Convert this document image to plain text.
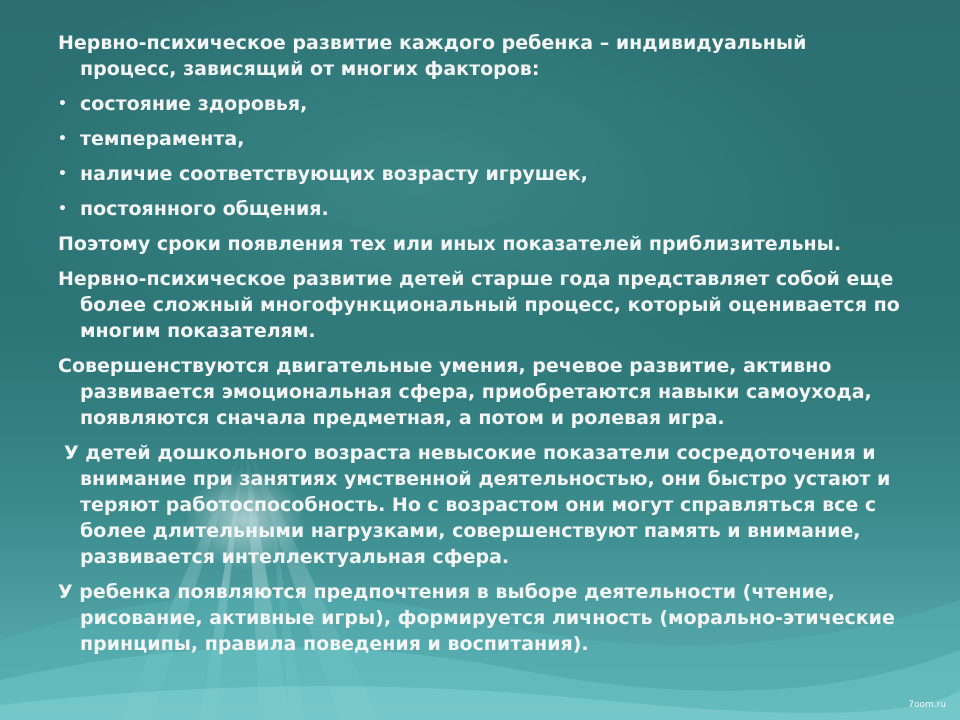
Нервно-психическое развитие каждого ребенка – индивидуальный процесс, зависящий от многих факторов:

• состояние здоровья,
• темперамента,
• наличие соответствующих возрасту игрушек,
• постоянного общения.

Поэтому сроки появления тех или иных показателей приблизительны.

Нервно-психическое развитие детей старше года представляет собой еще более сложный многофункциональный процесс, который оценивается по многим показателям.

Совершенствуются двигательные умения, речевое развитие, активно развивается эмоциональная сфера, приобретаются навыки самоухода, появляются сначала предметная, а потом и ролевая игра.

У детей дошкольного возраста невысокие показатели сосредоточения и внимание при занятиях умственной деятельностью, они быстро устают и теряют работоспособность. Но с возрастом они могут справляться все с более длительными нагрузками, совершенствуют память и внимание, развивается интеллектуальная сфера.

У ребенка появляются предпочтения в выборе деятельности (чтение, рисование, активные игры), формируется личность (морально-этические принципы, правила поведения и воспитания).

7oom.ru
